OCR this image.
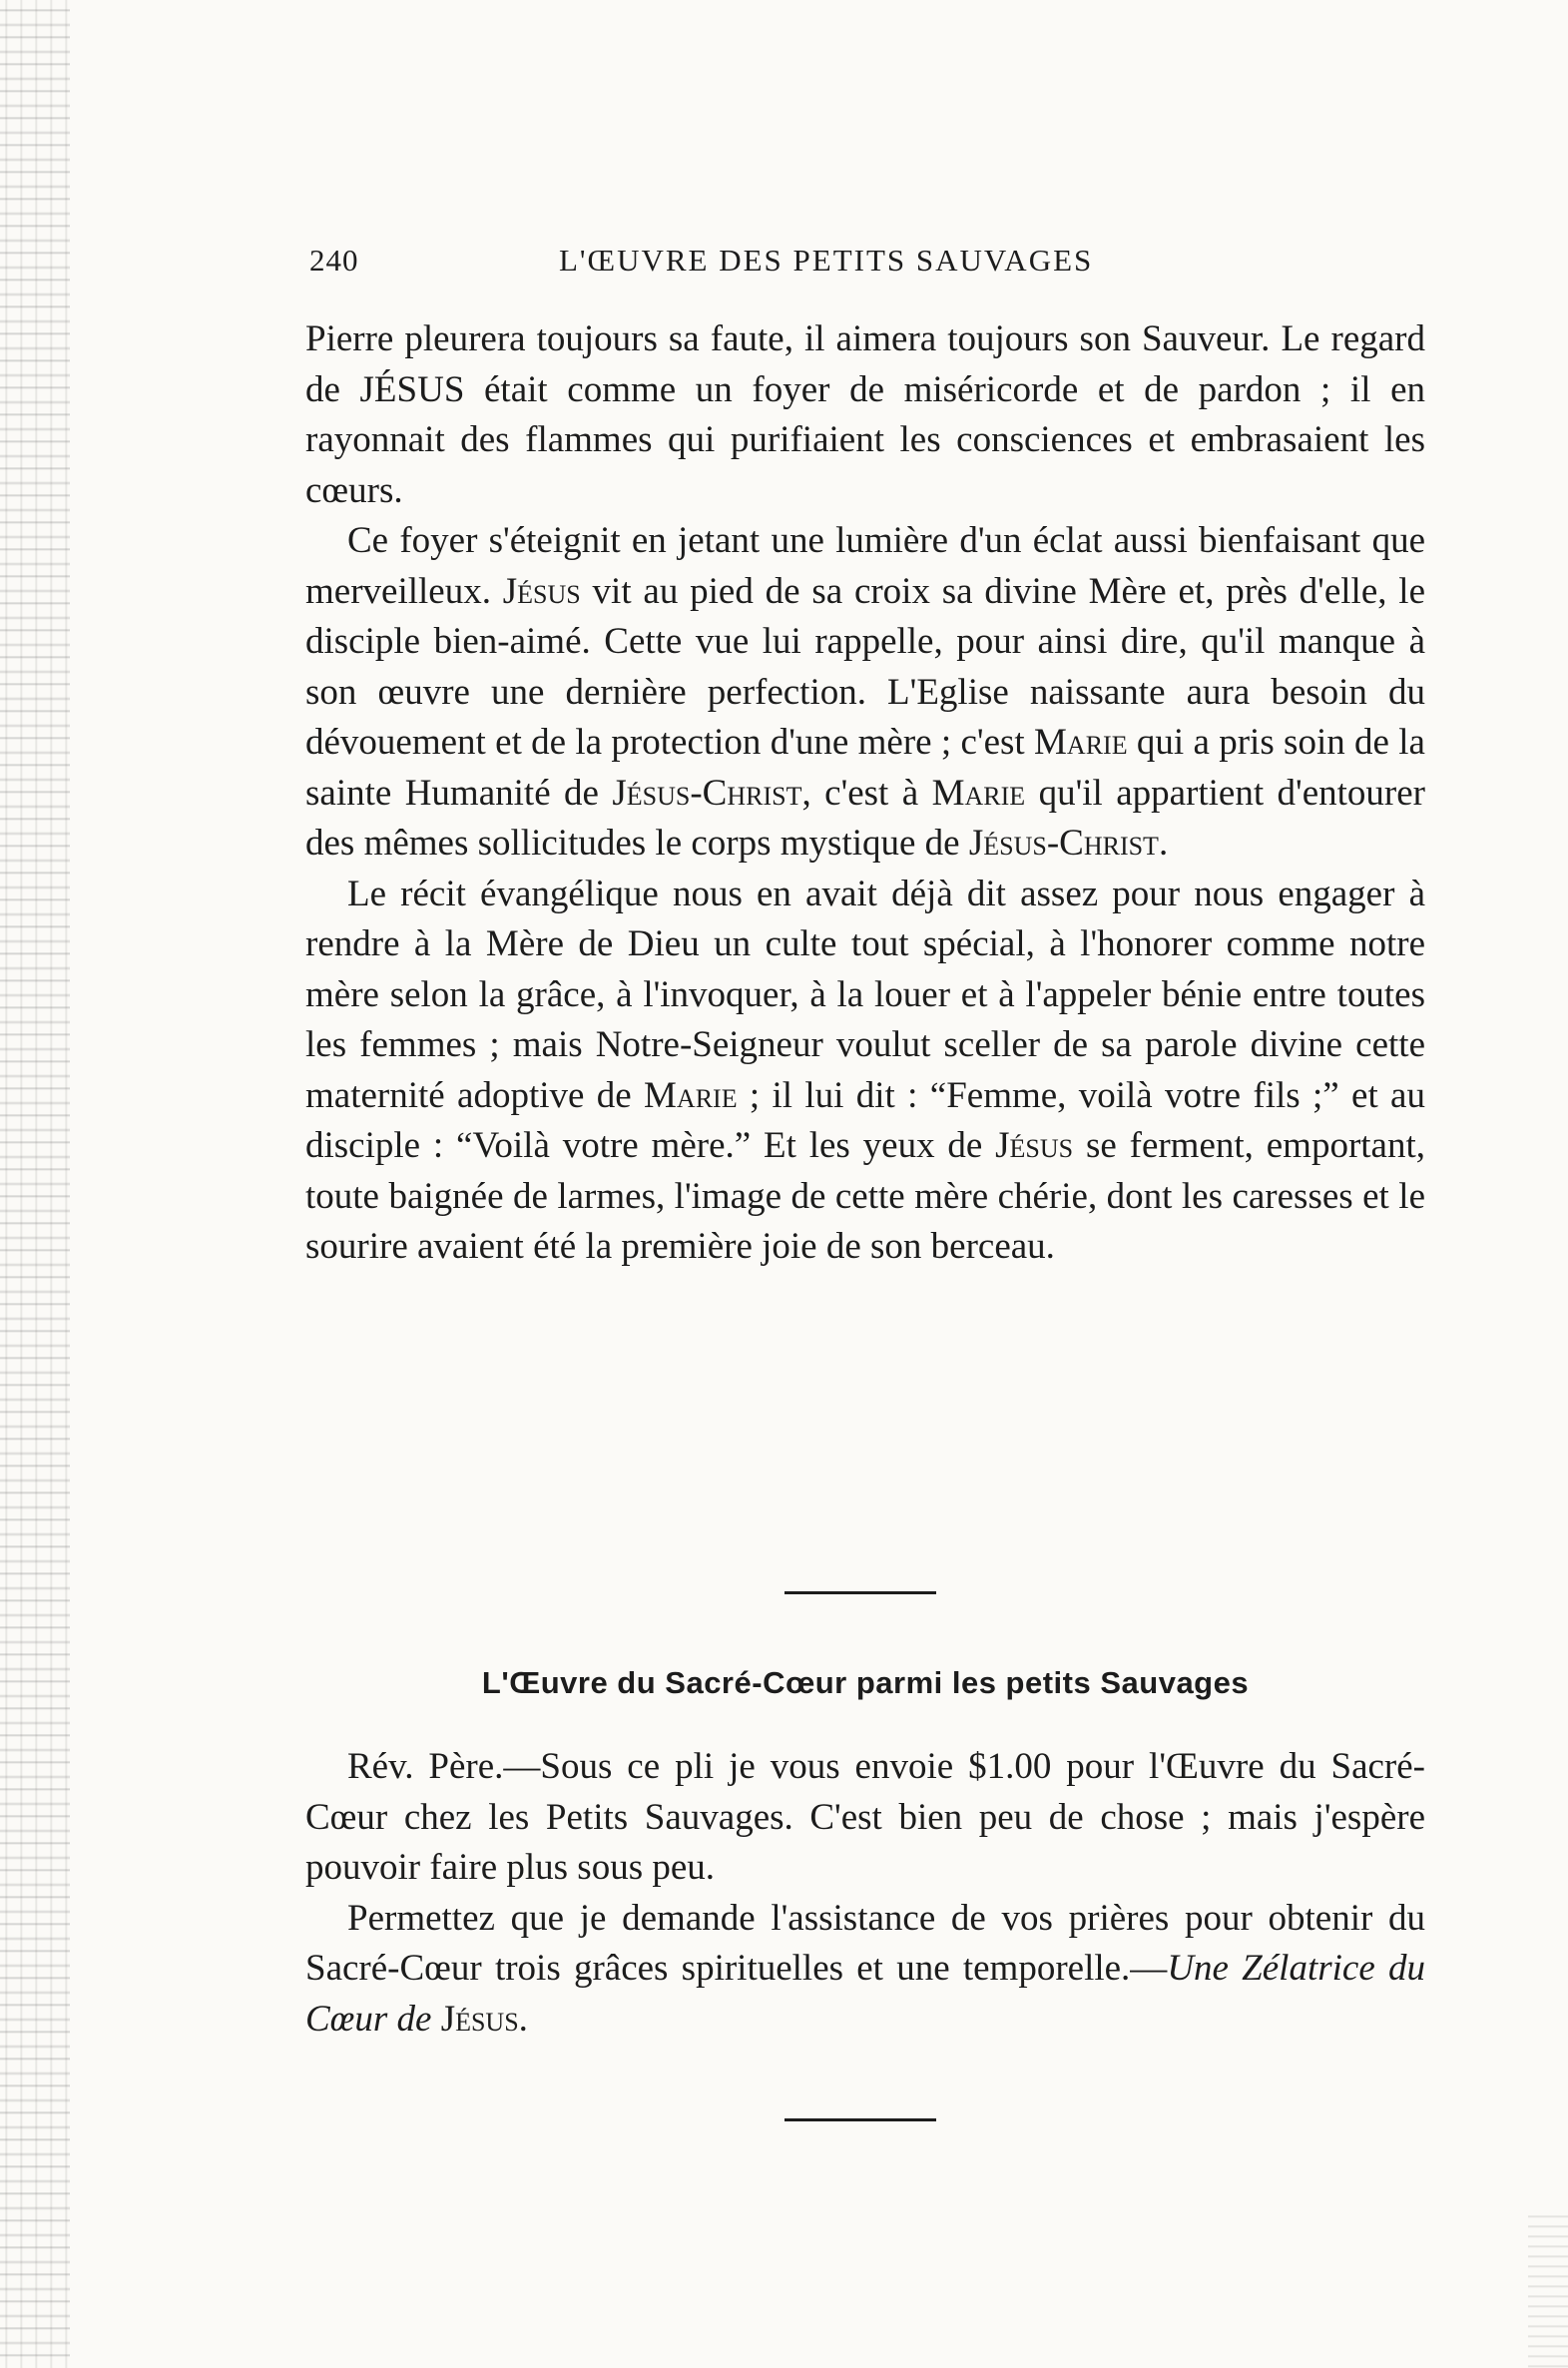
240	L'ŒUVRE DES PETITS SAUVAGES

Pierre pleurera toujours sa faute, il aimera toujours son Sauveur. Le regard de JÉSUS était comme un foyer de miséricorde et de pardon ; il en rayonnait des flammes qui purifiaient les consciences et embrasaient les cœurs.

Ce foyer s'éteignit en jetant une lumière d'un éclat aussi bienfaisant que merveilleux. Jésus vit au pied de sa croix sa divine Mère et, près d'elle, le disciple bien-aimé. Cette vue lui rappelle, pour ainsi dire, qu'il manque à son œuvre une dernière perfection. L'Eglise naissante aura besoin du dévouement et de la protection d'une mère ; c'est Marie qui a pris soin de la sainte Humanité de Jésus-Christ, c'est à Marie qu'il appartient d'entourer des mêmes sollicitudes le corps mystique de Jésus-Christ.

Le récit évangélique nous en avait déjà dit assez pour nous engager à rendre à la Mère de Dieu un culte tout spécial, à l'honorer comme notre mère selon la grâce, à l'invoquer, à la louer et à l'appeler bénie entre toutes les femmes ; mais Notre-Seigneur voulut sceller de sa parole divine cette maternité adoptive de Marie ; il lui dit : “Femme, voilà votre fils ;” et au disciple : “Voilà votre mère.” Et les yeux de Jésus se ferment, emportant, toute baignée de larmes, l'image de cette mère chérie, dont les caresses et le sourire avaient été la première joie de son berceau.

L'Œuvre du Sacré-Cœur parmi les petits Sauvages

Rév. Père.—Sous ce pli je vous envoie $1.00 pour l'Œuvre du Sacré-Cœur chez les Petits Sauvages. C'est bien peu de chose ; mais j'espère pouvoir faire plus sous peu.

Permettez que je demande l'assistance de vos prières pour obtenir du Sacré-Cœur trois grâces spirituelles et une temporelle.—Une Zélatrice du Cœur de Jésus.
